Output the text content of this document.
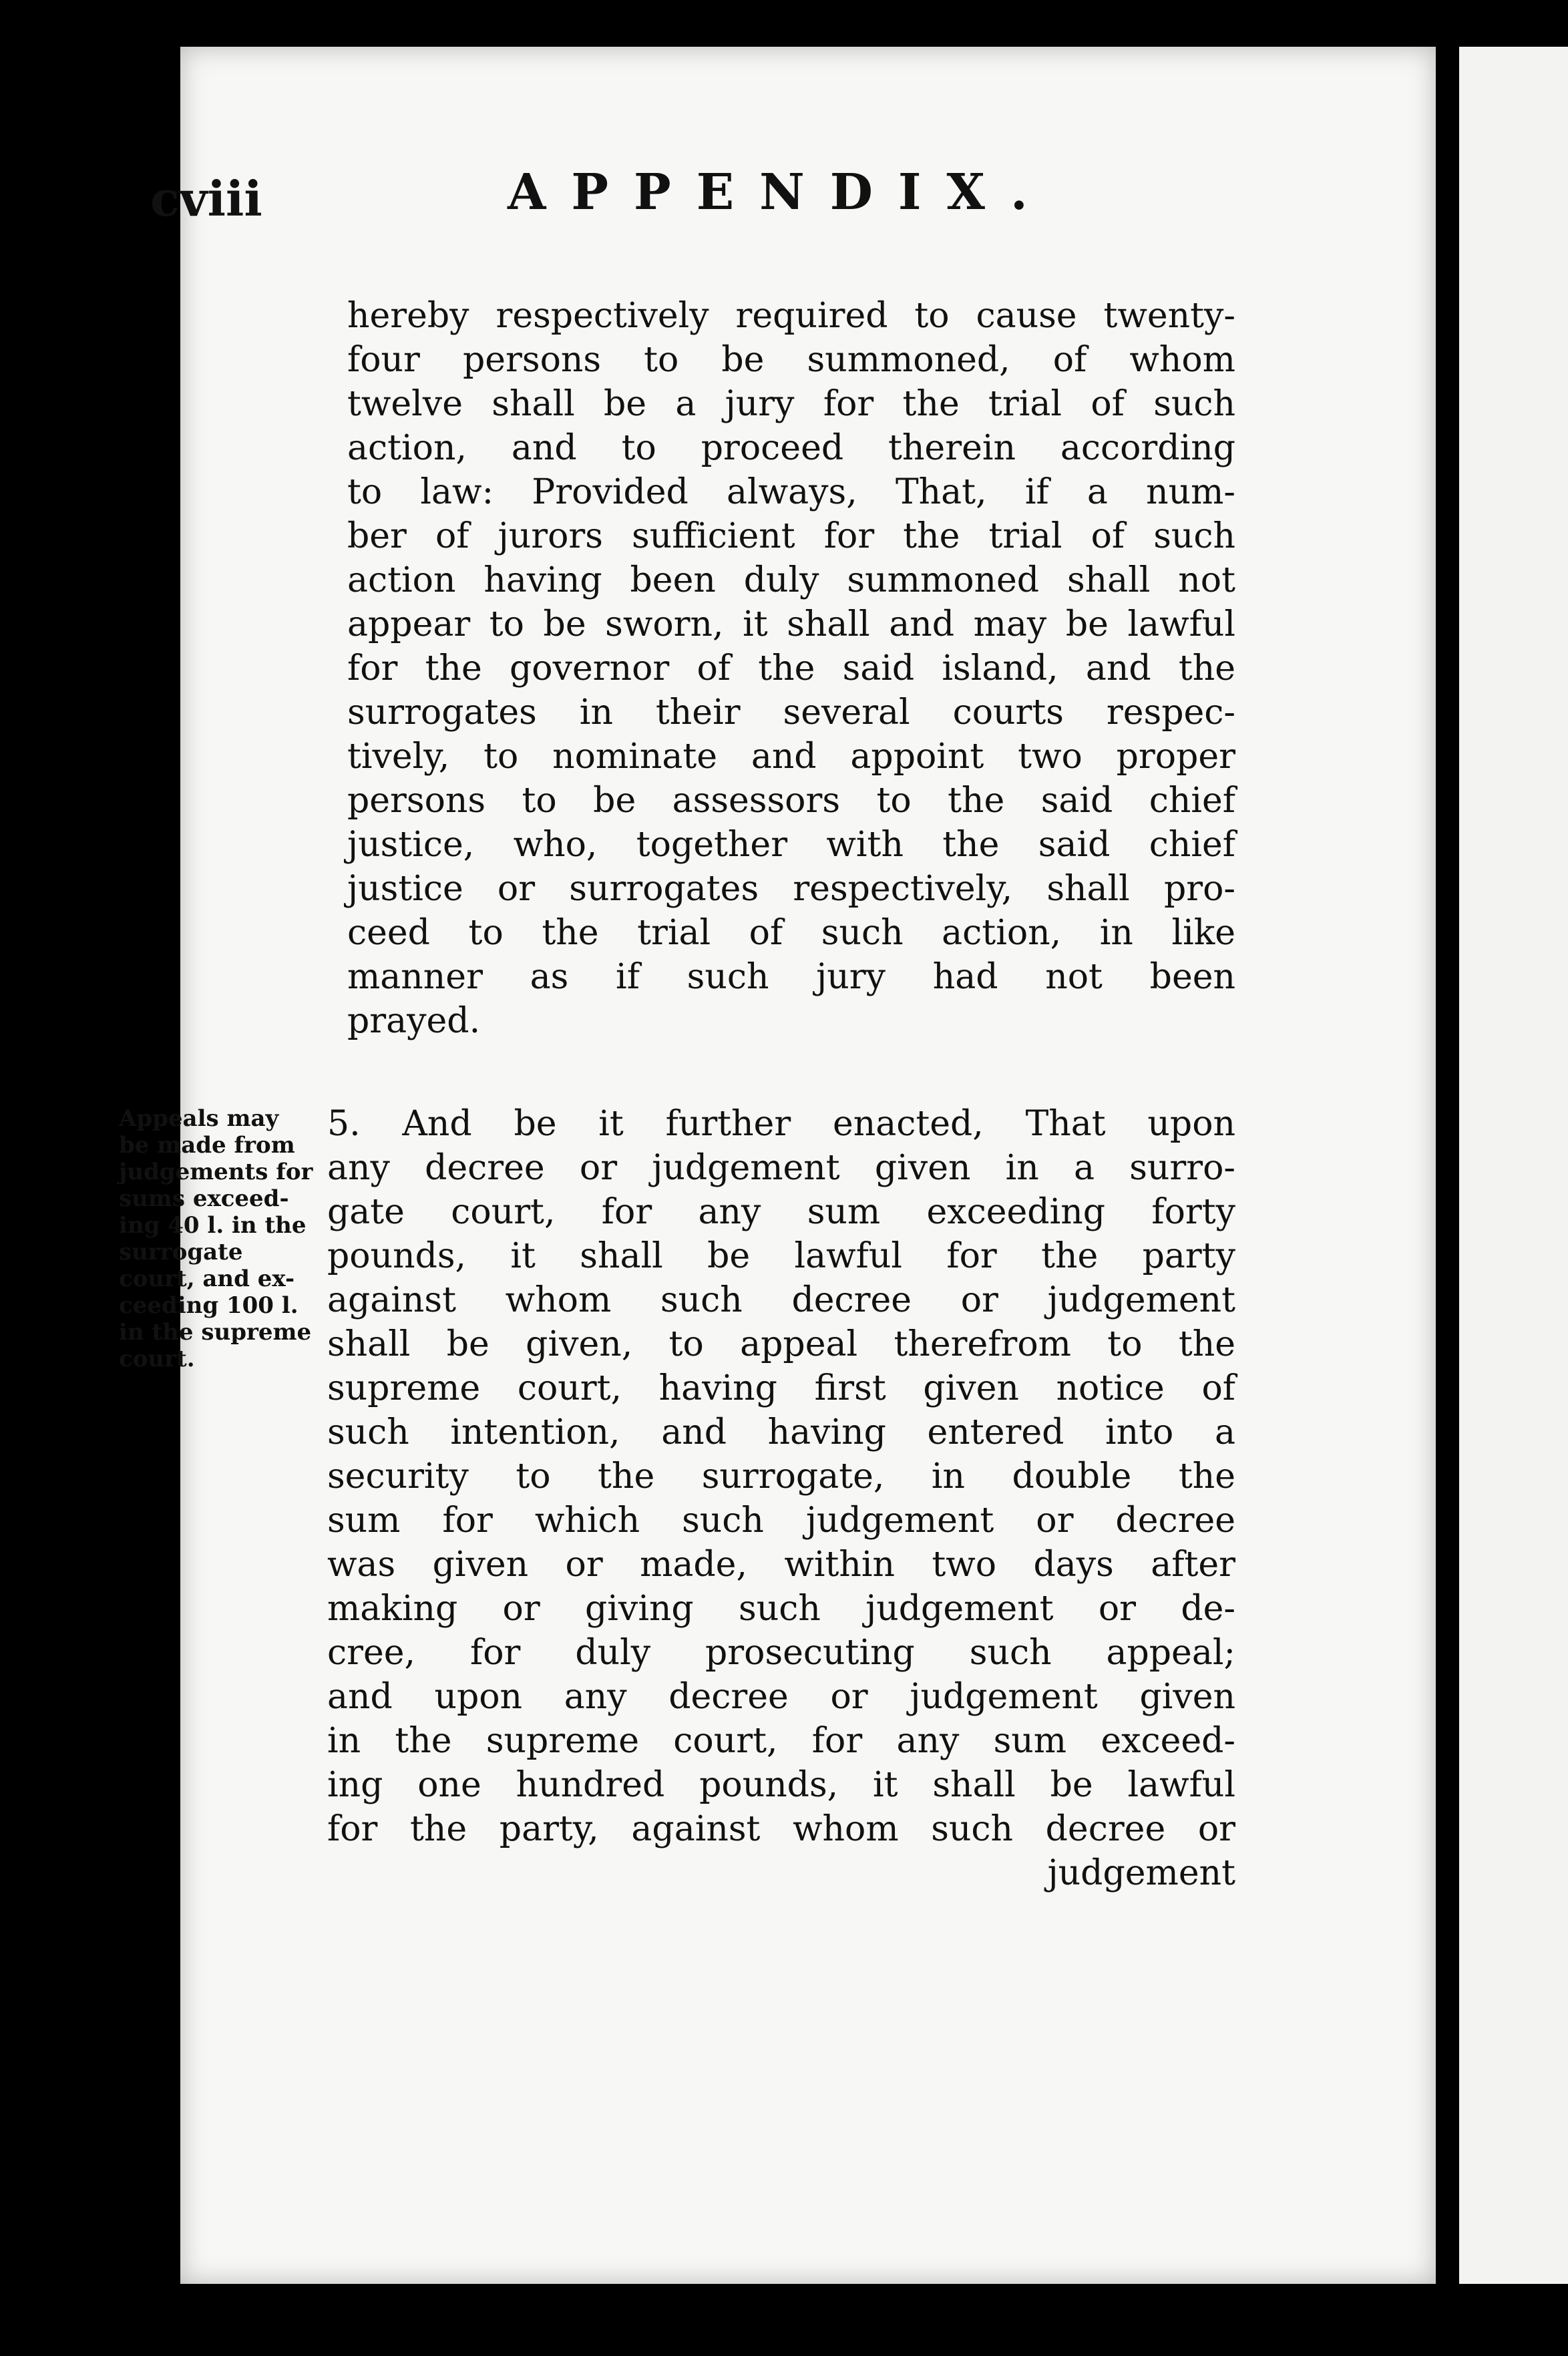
cviii	APPENDIX.
hereby respectively required to cause twenty-
four persons to be summoned, of whom
twelve shall be a jury for the trial of such
action, and to proceed therein according
to law: Provided always, That, if a num-
ber of jurors sufficient for the trial of such
action having been duly summoned shall not
appear to be sworn, it shall and may be lawful
for the governor of the said island, and the
surrogates in their several courts respec-
tively, to nominate and appoint two proper
persons to be assessors to the said chief
justice, who, together with the said chief
justice or surrogates respectively, shall pro-
ceed to the trial of such action, in like
manner as if such jury had not been
prayed.
Appeals may
be made from
judgements for
sums exceed-
ing 40 l. in the
surrogate
court, and ex-
ceeding 100 l.
in the supreme
court.
5. And be it further enacted, That upon
any decree or judgement given in a surro-
gate court, for any sum exceeding forty
pounds, it shall be lawful for the party
against whom such decree or judgement
shall be given, to appeal therefrom to the
supreme court, having first given notice of
such intention, and having entered into a
security to the surrogate, in double the
sum for which such judgement or decree
was given or made, within two days after
making or giving such judgement or de-
cree, for duly prosecuting such appeal;
and upon any decree or judgement given
in the supreme court, for any sum exceed-
ing one hundred pounds, it shall be lawful
for the party, against whom such decree or
judgement
